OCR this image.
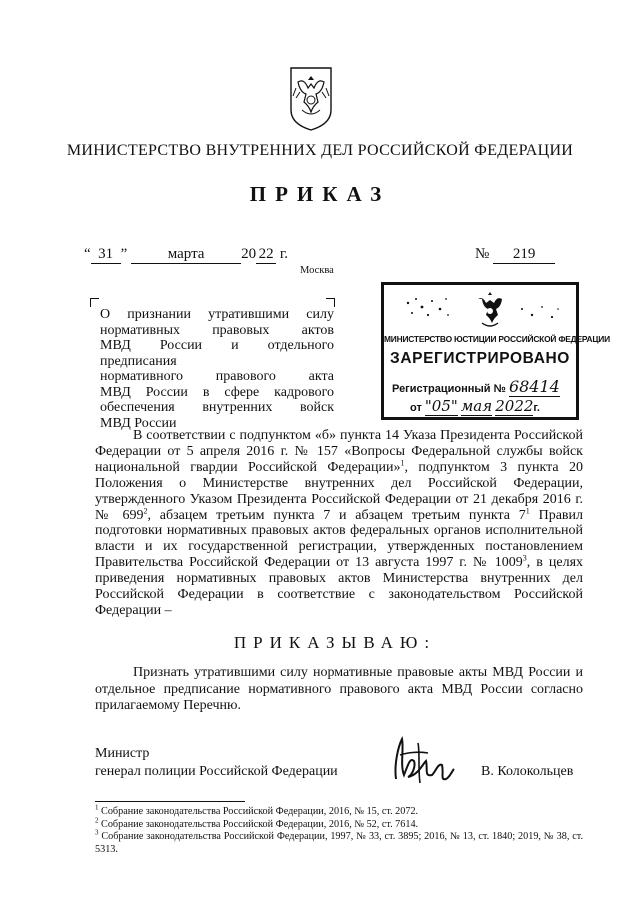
МИНИСТЕРСТВО ВНУТРЕННИХ ДЕЛ РОССИЙСКОЙ ФЕДЕРАЦИИ
ПРИКАЗ
“ 31 ”	марта 20 22 г.	№ 219
Москва
О признании утратившими силу
нормативных правовых актов
МВД России и отдельного предписания
нормативного правового акта
МВД России в сфере кадрового
обеспечения внутренних войск
МВД России
МИНИСТЕРСТВО ЮСТИЦИИ РОССИЙСКОЙ ФЕДЕРАЦИИ
ЗАРЕГИСТРИРОВАНО
Регистрационный № 68414
от "05" мая 2022г.

В соответствии с подпунктом «б» пункта 14 Указа Президента Российской Федерации от 5 апреля 2016 г. № 157 «Вопросы Федеральной службы войск национальной гвардии Российской Федерации»$^1$, подпунктом 3 пункта 20 Положения о Министерстве внутренних дел Российской Федерации, утвержденного Указом Президента Российской Федерации от 21 декабря 2016 г. № $699^2$, абзацем третьим пункта 7 и абзацем третьим пункта $7^1$ Правил подготовки нормативных правовых актов федеральных органов исполнительной власти и их государственной регистрации, утвержденных постановлением Правительства Российской Федерации от 13 августа 1997 г. № 1009$^3$, в целях приведения нормативных правовых актов Министерства внутренних дел Российской Федерации в соответствие с законодательством Российской Федерации –

ПРИКАЗЫВАЮ:

Признать утратившими силу нормативные правовые акты МВД России и отдельное предписание нормативного правового акта МВД России согласно прилагаемому Перечню.

Министр
генерал полиции Российской Федерации	В. Колокольцев
$^1$ Собрание законодательства Российской Федерации, 2016, № 15, ст. 2072.
$^2$ Собрание законодательства Российской Федерации, 2016, № 52, ст. 7614.
$^3$ Собрание законодательства Российской Федерации, 1997, № 33, ст. 3895; 2016, № 13, ст. 1840; 2019, № 38, ст. 5313.
